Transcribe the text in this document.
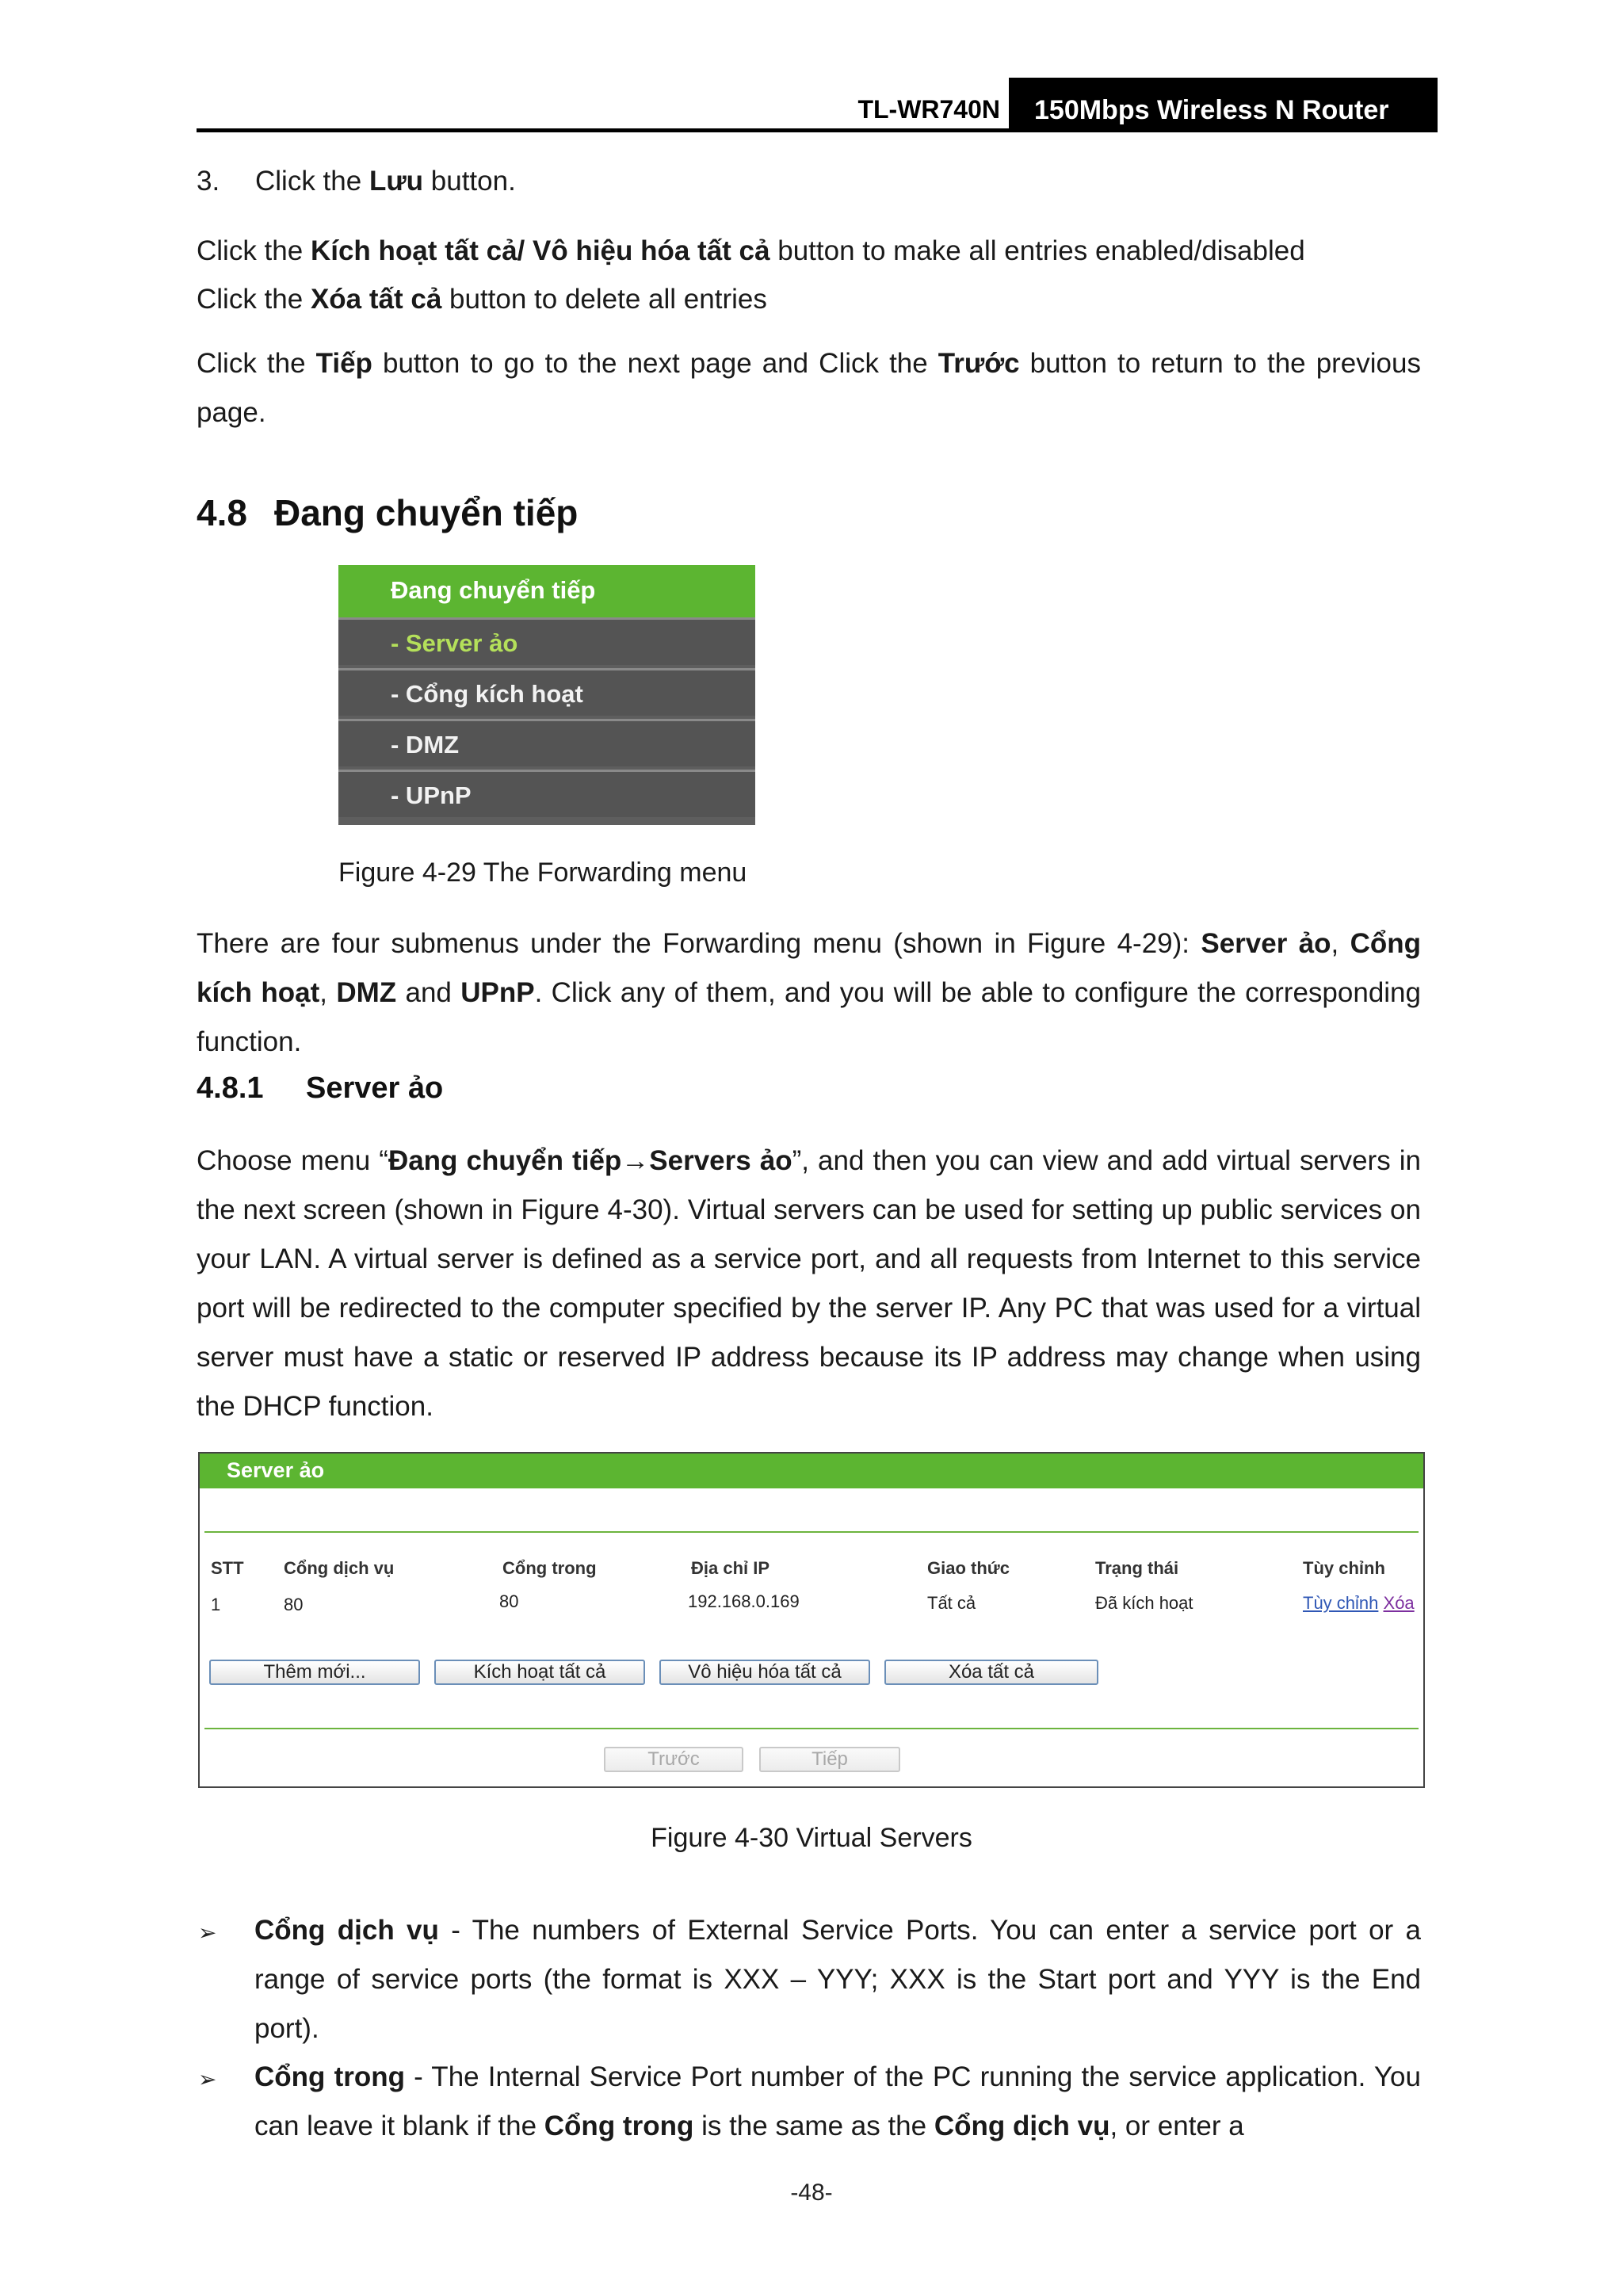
TL-WR740N 150Mbps Wireless N Router
3. Click the Lưu button.
Click the Kích hoạt tất cả/ Vô hiệu hóa tất cả button to make all entries enabled/disabled
Click the Xóa tất cả button to delete all entries
Click the Tiếp button to go to the next page and Click the Trước button to return to the previous page.
4.8 Đang chuyển tiếp
Đang chuyển tiếp
- Server ảo
- Cổng kích hoạt
- DMZ
- UPnP
Figure 4-29 The Forwarding menu
There are four submenus under the Forwarding menu (shown in Figure 4-29): Server ảo, Cổng kích hoạt, DMZ and UPnP. Click any of them, and you will be able to configure the corresponding function.
4.8.1 Server ảo
Choose menu “Đang chuyển tiếp→Servers ảo”, and then you can view and add virtual servers in the next screen (shown in Figure 4-30). Virtual servers can be used for setting up public services on your LAN. A virtual server is defined as a service port, and all requests from Internet to this service port will be redirected to the computer specified by the server IP. Any PC that was used for a virtual server must have a static or reserved IP address because its IP address may change when using the DHCP function.
Server ảo
STT Cổng dịch vụ	Cổng trong	Địa chỉ IP	Giao thức	Trạng thái	Tùy chỉnh
1	80	80	192.168.0.169	Tất cả	Đã kích hoạt	Tùy chỉnh Xóa
Thêm mới...	Kích hoạt tất cả	Vô hiệu hóa tất cả	Xóa tất cả
Trước	Tiếp
Figure 4-30 Virtual Servers
➢ Cổng dịch vụ - The numbers of External Service Ports. You can enter a service port or a range of service ports (the format is XXX – YYY; XXX is the Start port and YYY is the End port).
➢ Cổng trong - The Internal Service Port number of the PC running the service application. You can leave it blank if the Cổng trong is the same as the Cổng dịch vụ, or enter a
-48-
